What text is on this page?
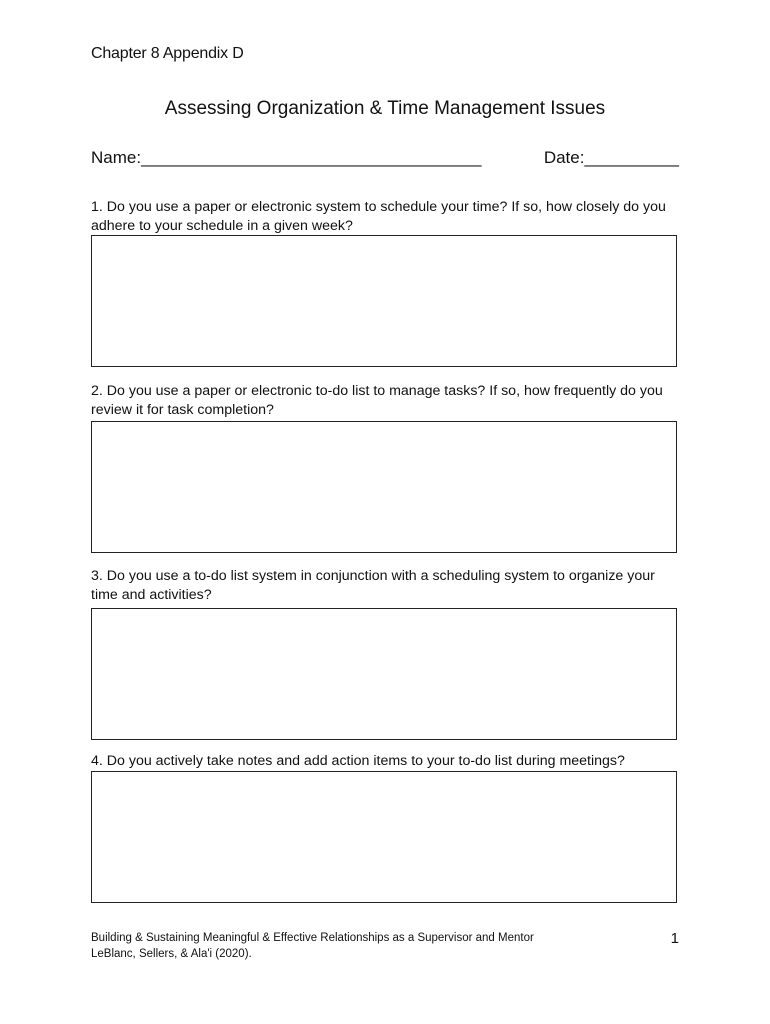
Chapter 8 Appendix D
Assessing Organization & Time Management Issues
Name:____________________________________	Date:__________
1. Do you use a paper or electronic system to schedule your time? If so, how closely do you adhere to your schedule in a given week?
2. Do you use a paper or electronic to-do list to manage tasks? If so, how frequently do you review it for task completion?
3. Do you use a to-do list system in conjunction with a scheduling system to organize your time and activities?
4. Do you actively take notes and add action items to your to-do list during meetings?
Building & Sustaining Meaningful & Effective Relationships as a Supervisor and Mentor
LeBlanc, Sellers, & Ala'i (2020).
1
